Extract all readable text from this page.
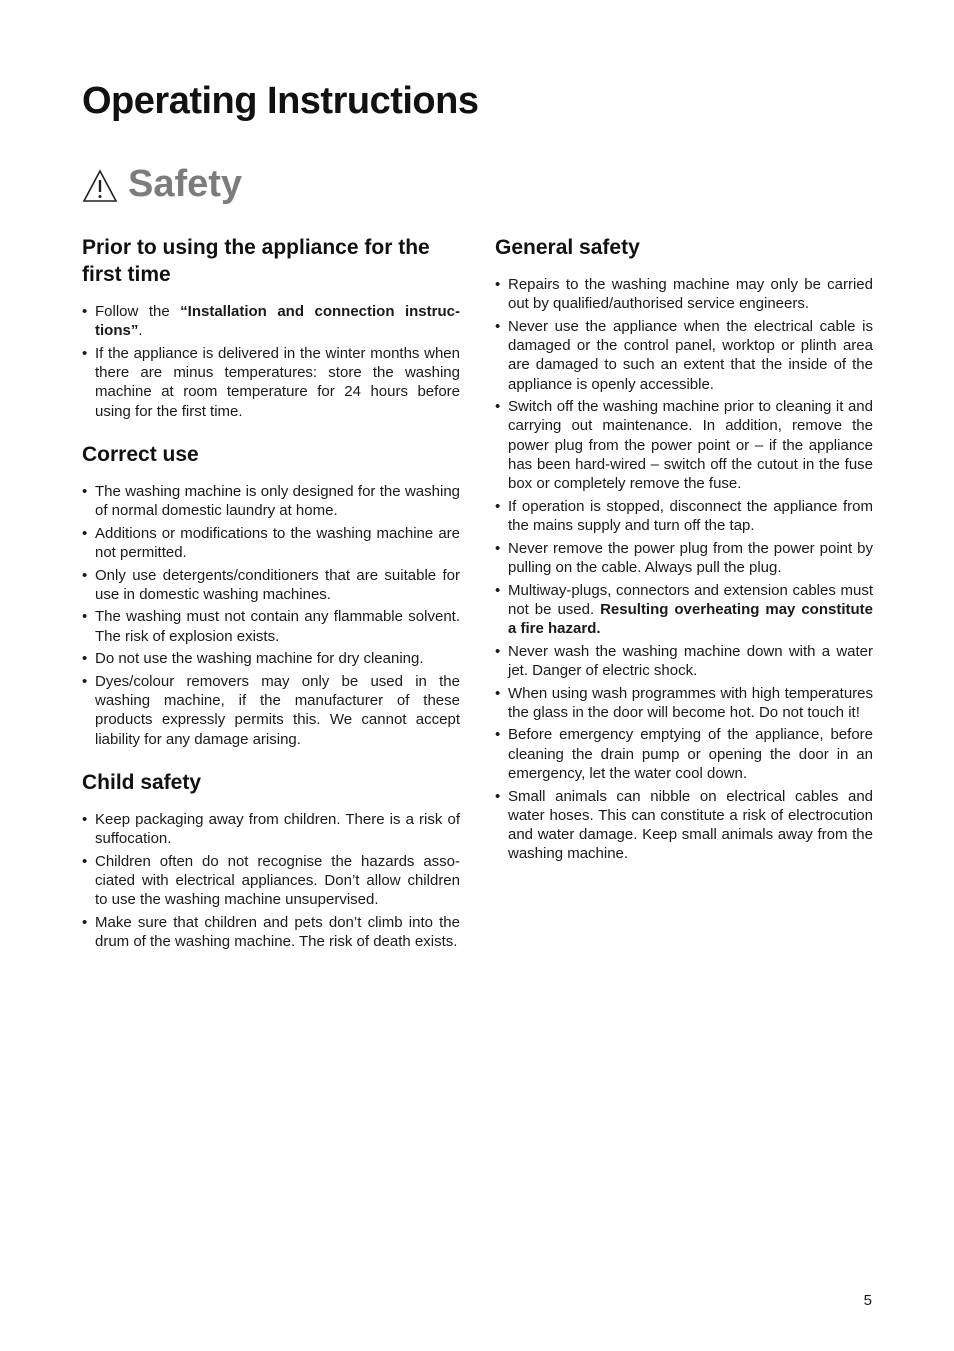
Operating Instructions
Safety
Prior to using the appliance for the first time
• Follow the “Installation and connection instructions”.
• If the appliance is delivered in the winter months when there are minus temperatures: store the washing machine at room temperature for 24 hours before using for the first time.
Correct use
• The washing machine is only designed for the washing of normal domestic laundry at home.
• Additions or modifications to the washing machine are not permitted.
• Only use detergents/conditioners that are suitable for use in domestic washing machines.
• The washing must not contain any flammable solvent. The risk of explosion exists.
• Do not use the washing machine for dry cleaning.
• Dyes/colour removers may only be used in the washing machine, if the manufacturer of these products expressly permits this. We cannot accept liability for any damage arising.
Child safety
• Keep packaging away from children. There is a risk of suffocation.
• Children often do not recognise the hazards associated with electrical appliances. Don’t allow children to use the washing machine unsupervised.
• Make sure that children and pets don’t climb into the drum of the washing machine. The risk of death exists.
General safety
• Repairs to the washing machine may only be carried out by qualified/authorised service engineers.
• Never use the appliance when the electrical cable is damaged or the control panel, worktop or plinth area are damaged to such an extent that the inside of the appliance is openly accessible.
• Switch off the washing machine prior to cleaning it and carrying out maintenance. In addition, remove the power plug from the power point or – if the appliance has been hard-wired – switch off the cutout in the fuse box or completely remove the fuse.
• If operation is stopped, disconnect the appliance from the mains supply and turn off the tap.
• Never remove the power plug from the power point by pulling on the cable. Always pull the plug.
• Multiway-plugs, connectors and extension cables must not be used. Resulting overheating may constitute a fire hazard.
• Never wash the washing machine down with a water jet. Danger of electric shock.
• When using wash programmes with high temperatures the glass in the door will become hot. Do not touch it!
• Before emergency emptying of the appliance, before cleaning the drain pump or opening the door in an emergency, let the water cool down.
• Small animals can nibble on electrical cables and water hoses. This can constitute a risk of electrocution and water damage. Keep small animals away from the washing machine.
5
